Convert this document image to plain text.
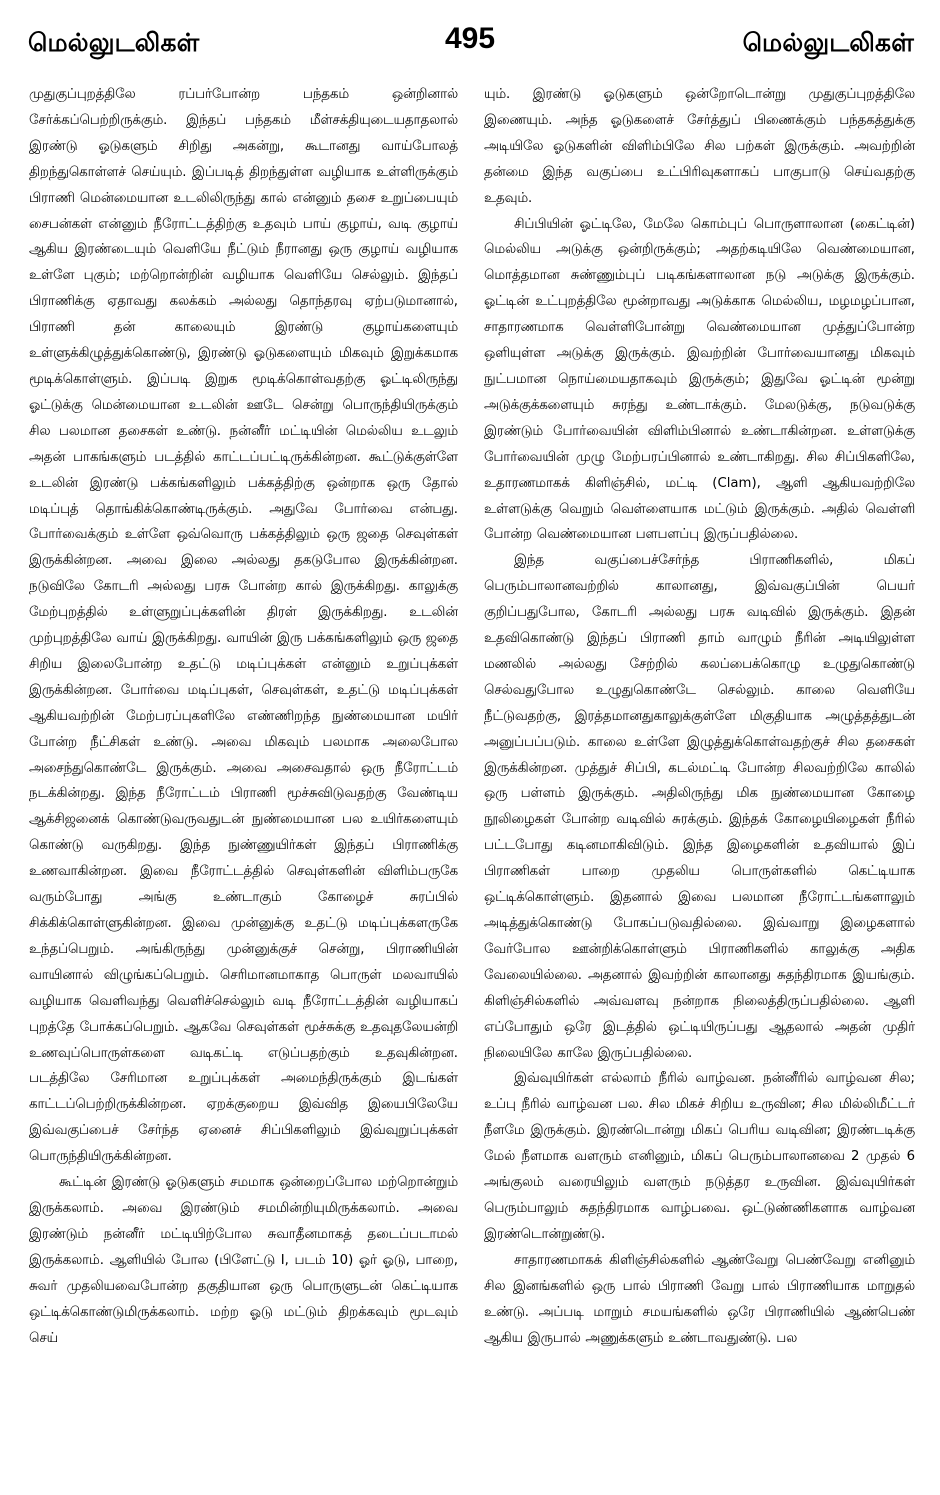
மெல்லுடலிகள்	495	மெல்லுடலிகள்

முதுகுப்புறத்திலே ரப்பர்போன்ற பந்தகம் ஒன்றினால் சேர்க்கப்பெற்றிருக்கும். இந்தப் பந்தகம் மீள்சக்தியுடையதாதலால் இரண்டு ஓடுகளும் சிறிது அகன்று, கூடானது வாய்போலத் திறந்துகொள்ளச் செய்யும். இப்படித் திறந்துள்ள வழியாக உள்ளிருக்கும் பிராணி மென்மையான உடலிலிருந்து கால் என்னும் தசை உறுப்பையும் சைபன்கள் என்னும் நீரோட்டத்திற்கு உதவும் பாய் குழாய், வடி குழாய் ஆகிய இரண்டையும் வெளியே நீட்டும் நீரானது ஒரு குழாய் வழியாக உள்ளே புகும்; மற்றொன்றின் வழியாக வெளியே செல்லும். இந்தப் பிராணிக்கு ஏதாவது கலக்கம் அல்லது தொந்தரவு ஏற்படுமானால், பிராணி தன் காலையும் இரண்டு குழாய்களையும் உள்ளுக்கிழுத்துக்கொண்டு, இரண்டு ஓடுகளையும் மிகவும் இறுக்கமாக மூடிக்கொள்ளும். இப்படி இறுக மூடிக்கொள்வதற்கு ஓட்டிலிருந்து ஓட்டுக்கு மென்மையான உடலின் ஊடே சென்று பொருந்தியிருக்கும் சில பலமான தசைகள் உண்டு. நன்னீர் மட்டியின் மெல்லிய உடலும் அதன் பாகங்களும் படத்தில் காட்டப்பட்டிருக்கின்றன. கூட்டுக்குள்ளே உடலின் இரண்டு பக்கங்களிலும் பக்கத்திற்கு ஒன்றாக ஒரு தோல் மடிப்புத் தொங்கிக்கொண்டிருக்கும். அதுவே போர்வை என்பது. போர்வைக்கும் உள்ளே ஒவ்வொரு பக்கத்திலும் ஒரு ஜதை செவுள்கள் இருக்கின்றன. அவை இலை அல்லது தகடுபோல இருக்கின்றன. நடுவிலே கோடரி அல்லது பரசு போன்ற கால் இருக்கிறது. காலுக்கு மேற்புறத்தில் உள்ளுறுப்புக்களின் திரள் இருக்கிறது. உடலின் முற்புறத்திலே வாய் இருக்கிறது. வாயின் இரு பக்கங்களிலும் ஒரு ஜதை சிறிய இலைபோன்ற உதட்டு மடிப்புக்கள் என்னும் உறுப்புக்கள் இருக்கின்றன. போர்வை மடிப்புகள், செவுள்கள், உதட்டு மடிப்புக்கள் ஆகியவற்றின் மேற்பரப்புகளிலே எண்ணிறந்த நுண்மையான மயிர் போன்ற நீட்சிகள் உண்டு. அவை மிகவும் பலமாக அலைபோல அசைந்துகொண்டே இருக்கும். அவை அசைவதால் ஒரு நீரோட்டம் நடக்கின்றது. இந்த நீரோட்டம் பிராணி மூச்சுவிடுவதற்கு வேண்டிய ஆக்சிஜனைக் கொண்டுவருவதுடன் நுண்மையான பல உயிர்களையும் கொண்டு வருகிறது. இந்த நுண்ணுயிர்கள் இந்தப் பிராணிக்கு உணவாகின்றன. இவை நீரோட்டத்தில் செவுள்களின் விளிம்பருகே வரும்போது அங்கு உண்டாகும் கோழைச் சுரப்பில் சிக்கிக்கொள்ளுகின்றன. இவை முன்னுக்கு உதட்டு மடிப்புக்களருகே உந்தப்பெறும். அங்கிருந்து முன்னுக்குச் சென்று, பிராணியின் வாயினால் விழுங்கப்பெறும். செரிமானமாகாத பொருள் மலவாயில் வழியாக வெளிவந்து வெளிச்செல்லும் வடி நீரோட்டத்தின் வழியாகப் புறத்தே போக்கப்பெறும். ஆகவே செவுள்கள் மூச்சுக்கு உதவுதலேயன்றி உணவுப்பொருள்களை வடிகட்டி எடுப்பதற்கும் உதவுகின்றன. படத்திலே சேரிமான உறுப்புக்கள் அமைந்திருக்கும் இடங்கள் காட்டப்பெற்றிருக்கின்றன. ஏறக்குறைய இவ்வித இயைபிலேயே இவ்வகுப்பைச் சேர்ந்த ஏனைச் சிப்பிகளிலும் இவ்வுறுப்புக்கள் பொருந்தியிருக்கின்றன.

கூட்டின் இரண்டு ஓடுகளும் சமமாக ஒன்றைப்போல மற்றொன்றும் இருக்கலாம். அவை இரண்டும் சமமின்றியுமிருக்கலாம். அவை இரண்டும் நன்னீர் மட்டியிற்போல சுவாதீனமாகத் தடைப்படாமல் இருக்கலாம். ஆளியில் போல (பிளேட்டு I, படம் 10) ஓர் ஓடு, பாறை, சுவர் முதலியவைபோன்ற தகுதியான ஒரு பொருளுடன் கெட்டியாக ஒட்டிக்கொண்டுமிருக்கலாம். மற்ற ஓடு மட்டும் திறக்கவும் மூடவும் செய்

யும். இரண்டு ஓடுகளும் ஒன்றோடொன்று முதுகுப்புறத்திலே இணையும். அந்த ஓடுகளைச் சேர்த்துப் பிணைக்கும் பந்தகத்துக்கு அடியிலே ஓடுகளின் விளிம்பிலே சில பற்கள் இருக்கும். அவற்றின் தன்மை இந்த வகுப்பை உட்பிரிவுகளாகப் பாகுபாடு செய்வதற்கு உதவும்.

சிப்பியின் ஓட்டிலே, மேலே கொம்புப் பொருளாலான (கைட்டின்) மெல்லிய அடுக்கு ஒன்றிருக்கும்; அதற்கடியிலே வெண்மையான, மொத்தமான சுண்ணும்புப் படிகங்களாலான நடு அடுக்கு இருக்கும். ஓட்டின் உட்புறத்திலே மூன்றாவது அடுக்காக மெல்லிய, மழமழப்பான, சாதாரணமாக வெள்ளிபோன்று வெண்மையான முத்துப்போன்ற ஒளியுள்ள அடுக்கு இருக்கும். இவற்றின் போர்வையானது மிகவும் நுட்பமான நொய்மையதாகவும் இருக்கும்; இதுவே ஓட்டின் மூன்று அடுக்குக்களையும் சுரந்து உண்டாக்கும். மேலடுக்கு, நடுவடுக்கு இரண்டும் போர்வையின் விளிம்பினால் உண்டாகின்றன. உள்ளடுக்கு போர்வையின் முழு மேற்பரப்பினால் உண்டாகிறது. சில சிப்பிகளிலே, உதாரணமாகக் கிளிஞ்சில், மட்டி (Clam), ஆளி ஆகியவற்றிலே உள்ளடுக்கு வெறும் வெள்ளையாக மட்டும் இருக்கும். அதில் வெள்ளி போன்ற வெண்மையான பளபளப்பு இருப்பதில்லை.

இந்த வகுப்பைச்சேர்ந்த பிராணிகளில், மிகப் பெரும்பாலானவற்றில் காலானது, இவ்வகுப்பின் பெயர் குறிப்பதுபோல, கோடரி அல்லது பரசு வடிவில் இருக்கும். இதன் உதவிகொண்டு இந்தப் பிராணி தாம் வாழும் நீரின் அடியிலுள்ள மணலில் அல்லது சேற்றில் கலப்பைக்கொழு உழுதுகொண்டு செல்வதுபோல உழுதுகொண்டே செல்லும். காலை வெளியே நீட்டுவதற்கு, இரத்தமானதுகாலுக்குள்ளே மிகுதியாக அழுத்தத்துடன் அனுப்பப்படும். காலை உள்ளே இழுத்துக்கொள்வதற்குச் சில தசைகள் இருக்கின்றன. முத்துச் சிப்பி, கடல்மட்டி போன்ற சிலவற்றிலே காலில் ஒரு பள்ளம் இருக்கும். அதிலிருந்து மிக நுண்மையான கோழை நூலிழைகள் போன்ற வடிவில் சுரக்கும். இந்தக் கோழையிழைகள் நீரில் பட்டபோது கடினமாகிவிடும். இந்த இழைகளின் உதவியால் இப் பிராணிகள் பாறை முதலிய பொருள்களில் கெட்டியாக ஒட்டிக்கொள்ளும். இதனால் இவை பலமான நீரோட்டங்களாலும் அடித்துக்கொண்டு போகப்படுவதில்லை. இவ்வாறு இழைகளால் வேர்போல ஊன்றிக்கொள்ளும் பிராணிகளில் காலுக்கு அதிக வேலையில்லை. அதனால் இவற்றின் காலானது சுதந்திரமாக இயங்கும். கிளிஞ்சில்களில் அவ்வளவு நன்றாக நிலைத்திருப்பதில்லை. ஆளி எப்போதும் ஒரே இடத்தில் ஒட்டியிருப்பது ஆதலால் அதன் முதிர் நிலையிலே காலே இருப்பதில்லை.

இவ்வுயிர்கள் எல்லாம் நீரில் வாழ்வன. நன்னீரில் வாழ்வன சில; உப்பு நீரில் வாழ்வன பல. சில மிகச் சிறிய உருவின; சில மில்லிமீட்டர் நீளமே இருக்கும். இரண்டொன்று மிகப் பெரிய வடிவின; இரண்டடிக்கு மேல் நீளமாக வளரும் எனினும், மிகப் பெரும்பாலானவை 2 முதல் 6 அங்குலம் வரையிலும் வளரும் நடுத்தர உருவின. இவ்வுயிர்கள் பெரும்பாலும் சுதந்திரமாக வாழ்பவை. ஒட்டுண்ணிகளாக வாழ்வன இரண்டொன்றுண்டு.

சாதாரணமாகக் கிளிஞ்சில்களில் ஆண்வேறு பெண்வேறு எனினும் சில இனங்களில் ஒரு பால் பிராணி வேறு பால் பிராணியாக மாறுதல் உண்டு. அப்படி மாறும் சமயங்களில் ஒரே பிராணியில் ஆண்பெண் ஆகிய இருபால் அணுக்களும் உண்டாவதுண்டு. பல
